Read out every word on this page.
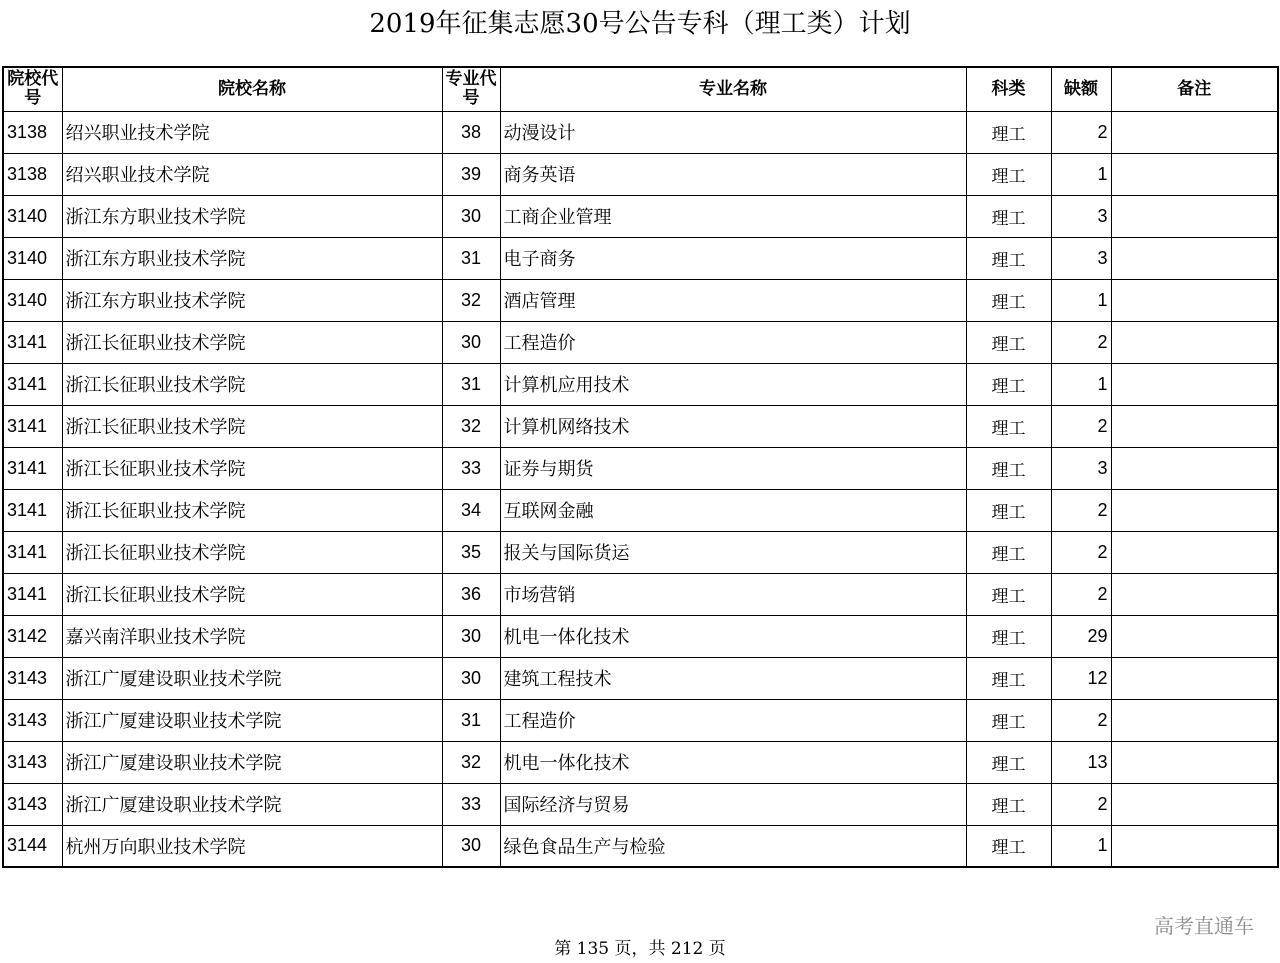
2019年征集志愿30号公告专科（理工类）计划
院校代号	院校名称	专业代号	专业名称	科类	缺额	备注
3138	绍兴职业技术学院	38	动漫设计	理工	2	
3138	绍兴职业技术学院	39	商务英语	理工	1	
3140	浙江东方职业技术学院	30	工商企业管理	理工	3	
3140	浙江东方职业技术学院	31	电子商务	理工	3	
3140	浙江东方职业技术学院	32	酒店管理	理工	1	
3141	浙江长征职业技术学院	30	工程造价	理工	2	
3141	浙江长征职业技术学院	31	计算机应用技术	理工	1	
3141	浙江长征职业技术学院	32	计算机网络技术	理工	2	
3141	浙江长征职业技术学院	33	证券与期货	理工	3	
3141	浙江长征职业技术学院	34	互联网金融	理工	2	
3141	浙江长征职业技术学院	35	报关与国际货运	理工	2	
3141	浙江长征职业技术学院	36	市场营销	理工	2	
3142	嘉兴南洋职业技术学院	30	机电一体化技术	理工	29	
3143	浙江广厦建设职业技术学院	30	建筑工程技术	理工	12	
3143	浙江广厦建设职业技术学院	31	工程造价	理工	2	
3143	浙江广厦建设职业技术学院	32	机电一体化技术	理工	13	
3143	浙江广厦建设职业技术学院	33	国际经济与贸易	理工	2	
3144	杭州万向职业技术学院	30	绿色食品生产与检验	理工	1	
高考直通车
第 135 页，共 212 页
